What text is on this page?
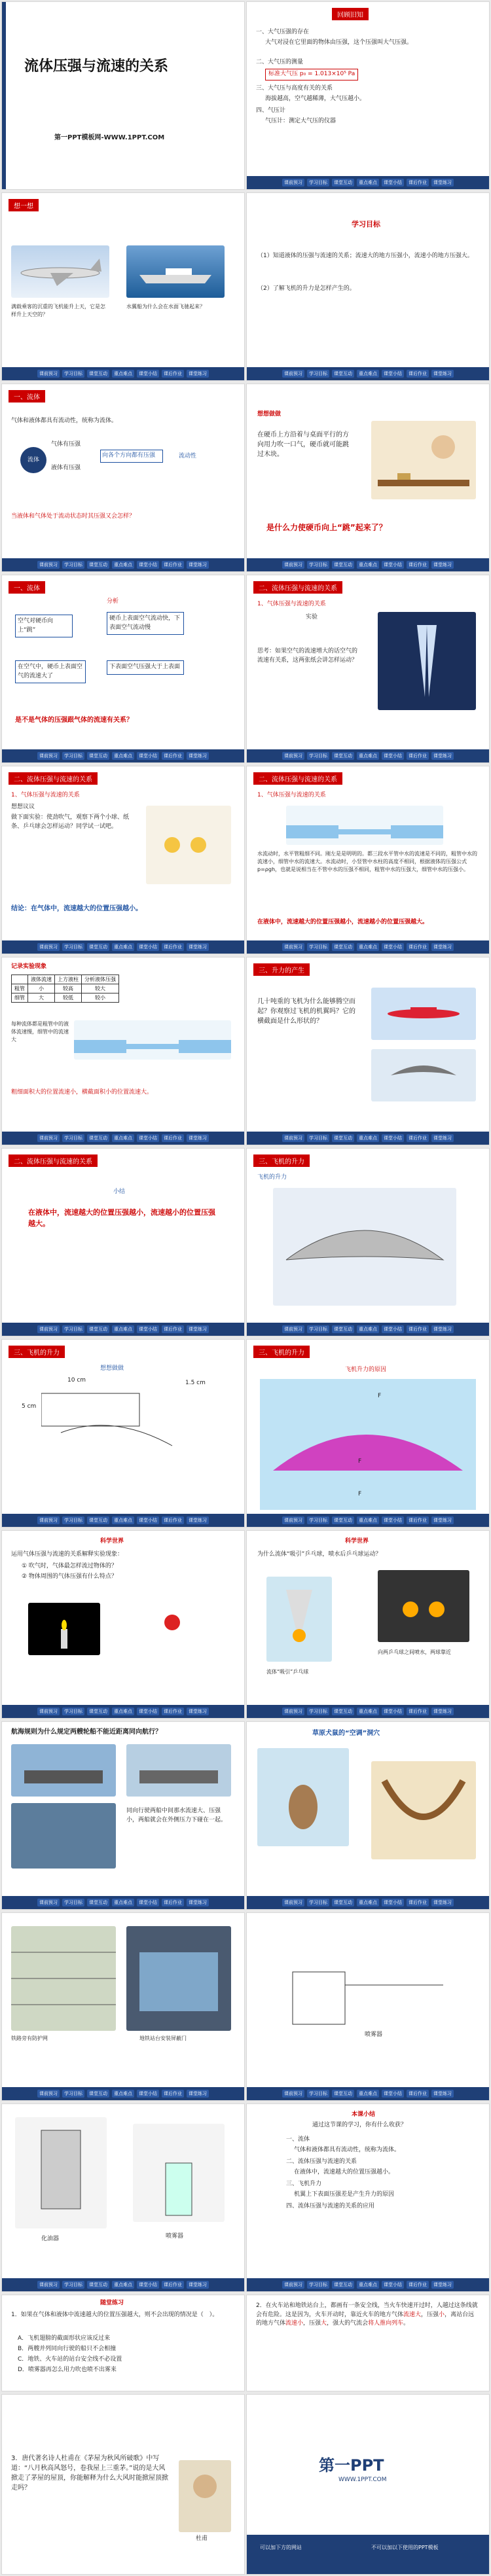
流体压强与流速的关系
第一PPT模板网-WWW.1PPT.COM
回顾旧知
一、大气压强的存在
大气对浸在它里面的物体由压强，这个压强叫大气压强。
二、大气压的测量
标准大气压 p₀ = 1.013×10⁵ Pa
三、大气压与高度有关的关系
海拔越高，空气越稀薄，大气压越小。
四、气压计
气压计：测定大气压的仪器
课前预习	学习目标	课堂互动	重点难点	课堂小结	课后作业	课堂练习
想一想
满载乘客的沉重的飞机能升上天，它是怎样升上天空的？
水翼船为什么会在水面飞驰起来？
课前预习	学习目标	课堂互动	重点难点	课堂小结	课后作业	课堂练习
学习目标
（1）知道液体的压强与流速的关系；流速大的地方压强小，流速小的地方压强大。
（2）了解飞机的升力是怎样产生的。
课前预习	学习目标	课堂互动	重点难点	课堂小结	课后作业	课堂练习
一、流体
气体和液体都具有流动性，统称为流体。
流体
气体有压强
液体有压强
向各个方向都有压强	流动性
当液体和气体处于流动状态时其压强又会怎样？
课前预习	学习目标	课堂互动	重点难点	课堂小结	课后作业	课堂练习
想想做做
在硬币上方沿着与桌面平行的方向用力吹一口气，硬币就可能跳过木块。
是什么力使硬币向上“跳”起来了？
课前预习	学习目标	课堂互动	重点难点	课堂小结	课后作业	课堂练习
一、流体
分析
空气对硬币向上“跳”
硬币上表面空气流动快，下表面空气流动慢
在空气中，硬币上表面空气的流速大了
下表面空气压强大于上表面
是不是气体的压强跟气体的流速有关系？
课前预习	学习目标	课堂互动	重点难点	课堂小结	课后作业	课堂练习
二、流体压强与流速的关系
1、气体压强与流速的关系
实验
思考：如果空气的流速增大的话空气的流速有关系，这两张纸会讲怎样运动？
课前预习	学习目标	课堂互动	重点难点	课堂小结	课后作业	课堂练习
二、流体压强与流速的关系
1、气体压强与流速的关系
想想议议
做下面实验：使劲吹气，观察下两个小球、纸条、乒乓球会怎样运动？同学试一试吧。
结论：在气体中，流速越大的位置压强越小。
课前预习	学习目标	课堂互动	重点难点	课堂小结	课后作业	课堂练习
二、流体压强与流速的关系
1、气体压强与流速的关系
水流动时，水平管粗细不同。刚左是是明明的。都三段水平管中水的流速是不同的，粗管中水的流速小，细管中水的流速大。水流动时，小竖管中水柱的高度不相同，根据液体的压强公式 p=ρgh，也就是说相当在不管中水的压强不相同，粗管中水的压强大，细管中水的压强小。
在液体中，流速越大的位置压强越小，流速越小的位置压强越大。
课前预习	学习目标	课堂互动	重点难点	课堂小结	课后作业	课堂练习
记录实验现象
	液体流速	上方液柱	分析液体压强
粗管	小	较高	较大
细管	大	较低	较小
每种流体都是粗管中的液体流速慢，细管中的流速大
粗细面积大的位置流速小，横截面积小的位置流速大。
课前预习	学习目标	课堂互动	重点难点	课堂小结	课后作业	课堂练习
三、升力的产生
几十吨重的飞机为什么能够腾空而起？你观察过飞机的机翼吗？它的横截面是什么形状的？
课前预习	学习目标	课堂互动	重点难点	课堂小结	课后作业	课堂练习
二、流体压强与流速的关系
小结
在液体中，流速越大的位置压强越小，流速越小的位置压强越大。
课前预习	学习目标	课堂互动	重点难点	课堂小结	课后作业	课堂练习
三、飞机的升力
飞机的升力
课前预习	学习目标	课堂互动	重点难点	课堂小结	课后作业	课堂练习
三、飞机的升力
想想做做
10 cm
5 cm
1.5 cm
课前预习	学习目标	课堂互动	重点难点	课堂小结	课后作业	课堂练习
三、飞机的升力
飞机升力的原因
F
F
F
课前预习	学习目标	课堂互动	重点难点	课堂小结	课后作业	课堂练习
科学世界
运用气体压强与流速的关系解释实验现象：
① 吹气时，气体最怎样流过物体的？
② 物体周围的气体压强有什么特点？
课前预习	学习目标	课堂互动	重点难点	课堂小结	课后作业	课堂练习
科学世界
为什么流体“吸引”乒乓球，喷水后乒乓球运动？
流体“吸引”乒乓球
向两乒乓球之间喷水，两球靠近
课前预习	学习目标	课堂互动	重点难点	课堂小结	课后作业	课堂练习
航海规则为什么规定两艘轮船不能近距离同向航行？
同向行驶两船中间那水流速大、压强小，两船就会在外侧压力下碰在一起。
课前预习	学习目标	课堂互动	重点难点	课堂小结	课后作业	课堂练习
草原犬鼠的“空调”洞穴
课前预习	学习目标	课堂互动	重点难点	课堂小结	课后作业	课堂练习
铁路旁有防护网	地铁站台安装屏蔽门
课前预习	学习目标	课堂互动	重点难点	课堂小结	课后作业	课堂练习
喷雾器
课前预习	学习目标	课堂互动	重点难点	课堂小结	课后作业	课堂练习
化油器	喷雾器
课前预习	学习目标	课堂互动	重点难点	课堂小结	课后作业	课堂练习
本课小结
通过这节课的学习，你有什么收获？
一、流体
气体和液体都具有流动性，统称为流体。
二、流体压强与流速的关系
在液体中，流速越大的位置压强越小。
三、飞机升力
机翼上下表面压强差是产生升力的原因
四、流体压强与流速的关系的应用
课前预习	学习目标	课堂互动	重点难点	课堂小结	课后作业	课堂练习
随堂练习
1．如果在气体和液体中流速越大的位置压强越大，则不会出现的情况是（　）。
A．飞机翅膀的截面形状应该反过来
B．两艘并列同向行驶的船只不会相撞
C．地铁、火车站的站台安全线不必设置
D．喷雾器再怎么用力吹也喷不出雾来
2．在火车站和地铁站台上，都画有一条安全线，当火车快速开过时，人越过这条线就会有危险。这是因为，火车开动时，靠近火车的地方气体流速大，压强小，离站台远的地方气体流速小，压强大，强大的气流会将人推向列车。
3．唐代著名诗人杜甫在《茅屋为秋风所破歌》中写道：“八月秋高风怒号，卷我屋上三重茅。”说的是大风掀走了茅屋的屋顶，你能解释为什么大风时能掀屋顶掀走吗？
杜甫
第一PPT
WWW.1PPT.COM
可以加下方的网站	不可以加以下使用的PPT模板
